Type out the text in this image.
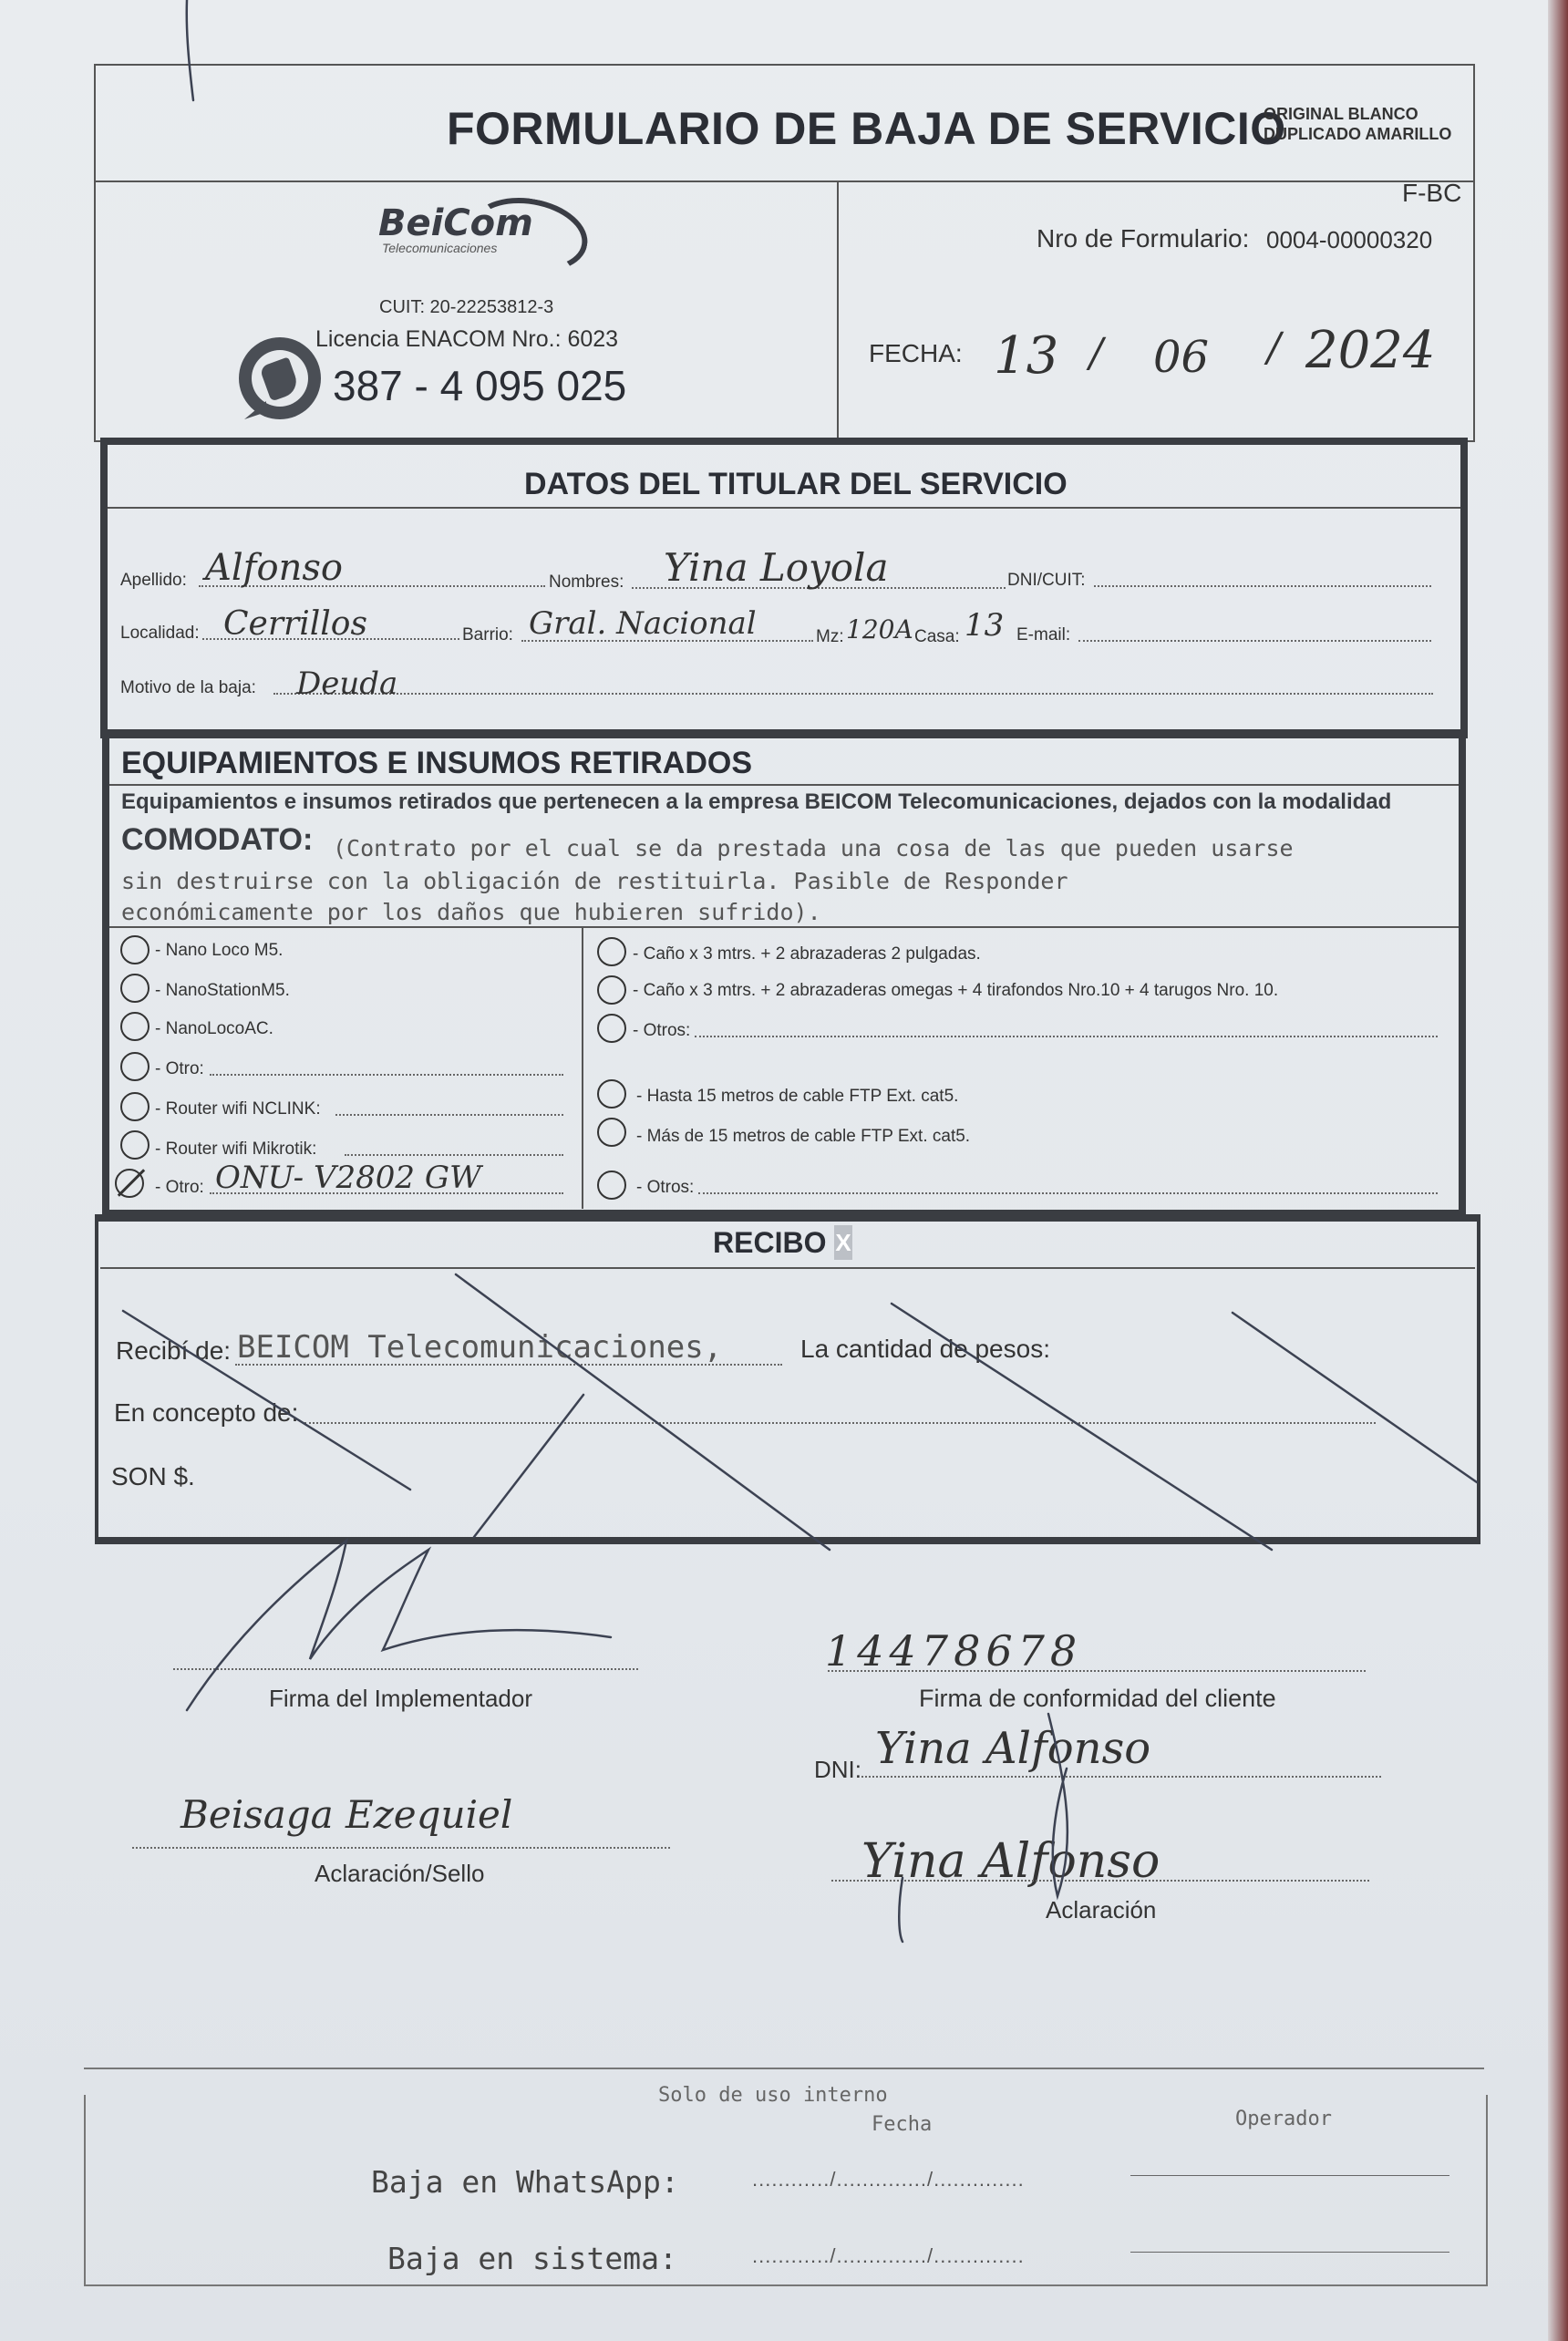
FORMULARIO DE BAJA DE SERVICIO
ORIGINAL BLANCO
DUPLICADO AMARILLO
BeiCom
Telecomunicaciones
CUIT: 20-22253812-3
Licencia ENACOM Nro.: 6023
387 - 4 095 025
F-BC
Nro de Formulario: 0004-00000320
FECHA: 13 / 06 / 2024
DATOS DEL TITULAR DEL SERVICIO
Apellido: Alfonso	Nombres: Yina Loyola	DNI/CUIT:
Localidad: Cerrillos	Barrio: Gral. Nacional	Mz: 120A Casa: 13 E-mail:
Motivo de la baja: Deuda
EQUIPAMIENTOS E INSUMOS RETIRADOS
Equipamientos e insumos retirados que pertenecen a la empresa BEICOM Telecomunicaciones, dejados con la modalidad
COMODATO: (Contrato por el cual se da prestada una cosa de las que pueden usarse
sin destruirse con la obligación de restituirla. Pasible de Responder
económicamente por los daños que hubieren sufrido).
- Nano Loco M5.
- NanoStationM5.
- NanoLocoAC.
- Otro:
- Router wifi NCLINK:
- Router wifi Mikrotik:
- Otro: ONU- V2802 GW
- Caño x 3 mtrs. + 2 abrazaderas 2 pulgadas.
- Caño x 3 mtrs. + 2 abrazaderas omegas + 4 tirafondos Nro.10 + 4 tarugos Nro. 10.
- Otros:
- Hasta 15 metros de cable FTP Ext. cat5.
- Más de 15 metros de cable FTP Ext. cat5.
- Otros:
RECIBO X
Recibí de: BEICOM Telecomunicaciones,	La cantidad de pesos:
En concepto de:
SON $.
Firma del Implementador
14478678
Firma de conformidad del cliente
DNI: Yina Alfonso
Beisaga Ezequiel
Aclaración/Sello	Yina Alfonso
Aclaración
Solo de uso interno
Fecha	Operador
Baja en WhatsApp:	............/............../..............
Baja en sistema:	............/............../..............
